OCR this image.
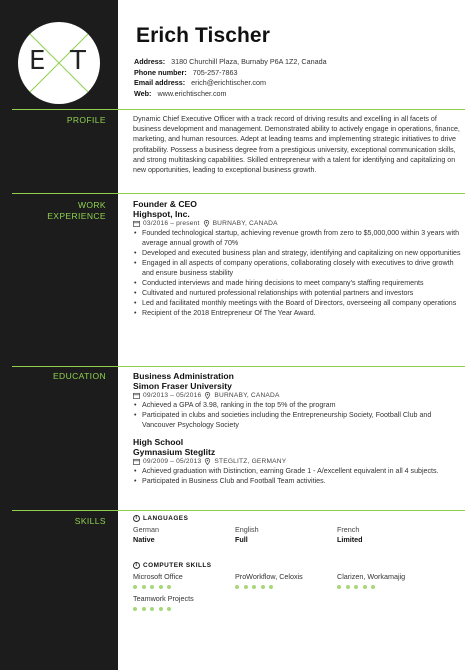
E T
Erich Tischer
Address: 3180 Churchill Plaza, Burnaby P6A 1Z2, Canada
Phone number: 705-257-7863
Email address: erich@erichtischer.com
Web: www.erichtischer.com
PROFILE	Dynamic Chief Executive Officer with a track record of driving results and excelling in all facets of business development and management. Demonstrated ability to actively engage in operations, finance, marketing, and human resources. Adept at leading teams and implementing strategic initiatives to drive profitability. Possess a business degree from a prestigious university, exceptional communication skills, and strong multitasking capabilities. Skilled entrepreneur with a talent for identifying and capitalizing on new opportunities, leading to exceptional business growth.
WORK
EXPERIENCE
Founder & CEO
Highspot, Inc.
03/2016 – present BURNABY, CANADA
• Founded technological startup, achieving revenue growth from zero to $5,000,000 within 3 years with average annual growth of 70%
• Developed and executed business plan and strategy, identifying and capitalizing on new opportunities
• Engaged in all aspects of company operations, collaborating closely with executives to drive growth and ensure business stability
• Conducted interviews and made hiring decisions to meet company's staffing requirements
• Cultivated and nurtured professional relationships with potential partners and investors
• Led and facilitated monthly meetings with the Board of Directors, overseeing all company operations
• Recipient of the 2018 Entrepreneur Of The Year Award.
EDUCATION	Business Administration
Simon Fraser University
09/2013 – 05/2016 BURNABY, CANADA
• Achieved a GPA of 3.98, ranking in the top 5% of the program
• Participated in clubs and societies including the Entrepreneurship Society, Football Club and Vancouver Psychology Society
High School
Gymnasium Steglitz
09/2009 – 05/2013 STEGLITZ, GERMANY
• Achieved graduation with Distinction, earning Grade 1 - A/excellent equivalent in all 4 subjects.
• Participated in Business Club and Football Team activities.
SKILLS	i LANGUAGES
German
Native
English
Full
French
Limited
i COMPUTER SKILLS
Microsoft Office	ProWorkflow, Celoxis	Clarizen, Workamajig
Teamwork Projects
